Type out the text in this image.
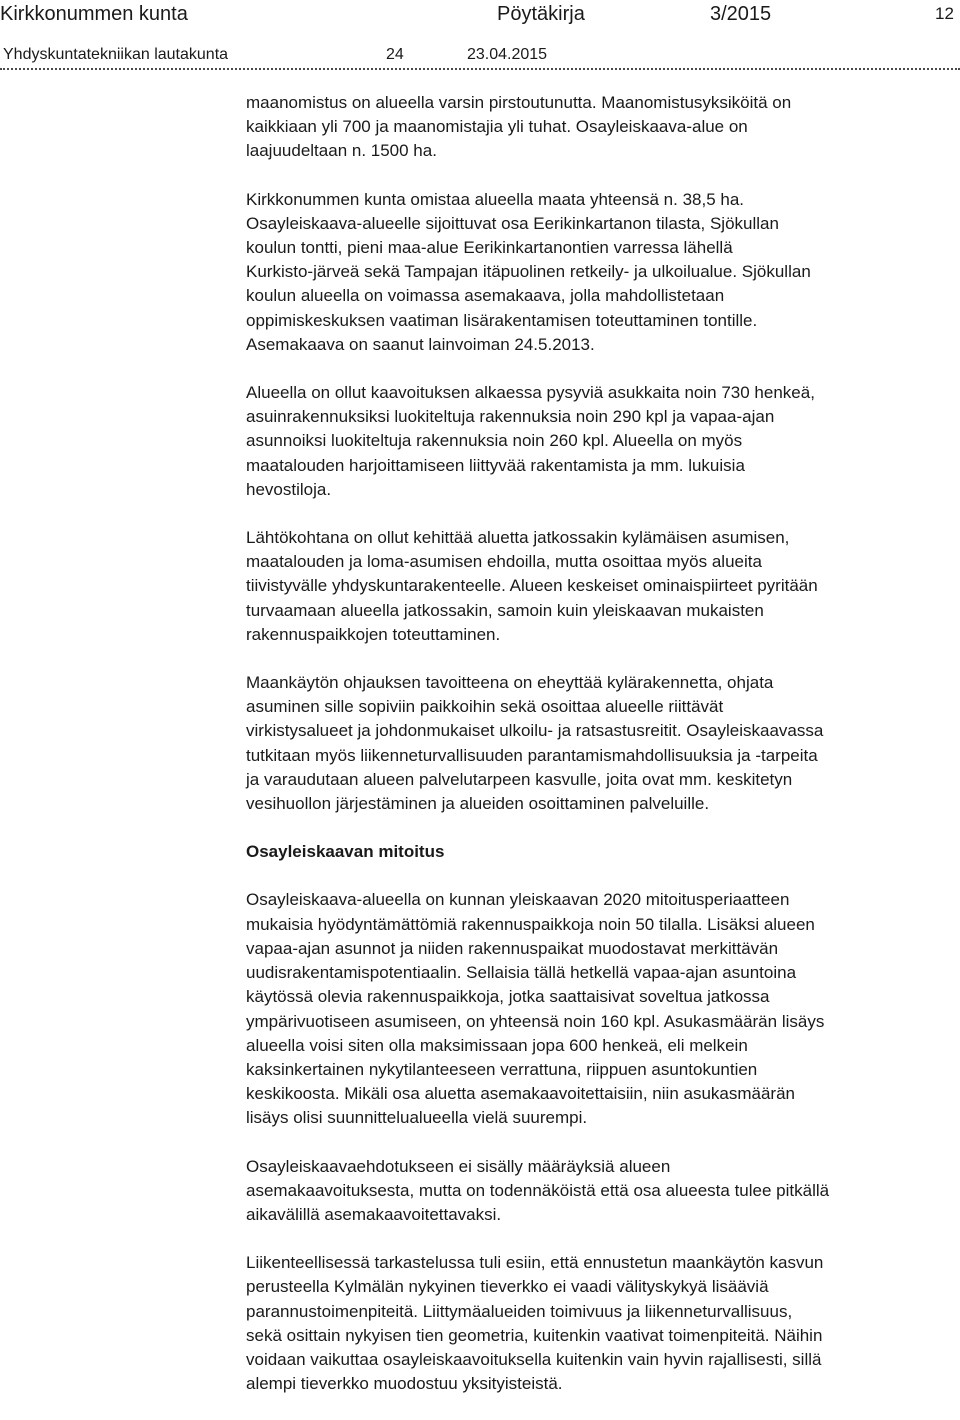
Kirkkonummen kunta	Pöytäkirja	3/2015	12
Yhdyskuntatekniikan lautakunta	24	23.04.2015

maanomistus on alueella varsin pirstoutunutta. Maanomistusyksiköitä on
kaikkiaan yli 700 ja maanomistajia yli tuhat. Osayleiskaava-alue on
laajuudeltaan n. 1500 ha.

Kirkkonummen kunta omistaa alueella maata yhteensä n. 38,5 ha.
Osayleiskaava-alueelle sijoittuvat osa Eerikinkartanon tilasta, Sjökullan
koulun tontti, pieni maa-alue Eerikinkartanontien varressa lähellä
Kurkisto-järveä sekä Tampajan itäpuolinen retkeily- ja ulkoilualue. Sjökullan
koulun alueella on voimassa asemakaava, jolla mahdollistetaan
oppimiskeskuksen vaatiman lisärakentamisen toteuttaminen tontille.
Asemakaava on saanut lainvoiman 24.5.2013.

Alueella on ollut kaavoituksen alkaessa pysyviä asukkaita noin 730 henkeä,
asuinrakennuksiksi luokiteltuja rakennuksia noin 290 kpl ja vapaa-ajan
asunnoiksi luokiteltuja rakennuksia noin 260 kpl. Alueella on myös
maatalouden harjoittamiseen liittyvää rakentamista ja mm. lukuisia
hevostiloja.

Lähtökohtana on ollut kehittää aluetta jatkossakin kylämäisen asumisen,
maatalouden ja loma-asumisen ehdoilla, mutta osoittaa myös alueita
tiivistyvälle yhdyskuntarakenteelle. Alueen keskeiset ominaispiirteet pyritään
turvaamaan alueella jatkossakin, samoin kuin yleiskaavan mukaisten
rakennuspaikkojen toteuttaminen.

Maankäytön ohjauksen tavoitteena on eheyttää kylärakennetta, ohjata
asuminen sille sopiviin paikkoihin sekä osoittaa alueelle riittävät
virkistysalueet ja johdonmukaiset ulkoilu- ja ratsastusreitit. Osayleiskaavassa
tutkitaan myös liikenneturvallisuuden parantamismahdollisuuksia ja -tarpeita
ja varaudutaan alueen palvelutarpeen kasvulle, joita ovat mm. keskitetyn
vesihuollon järjestäminen ja alueiden osoittaminen palveluille.

Osayleiskaavan mitoitus

Osayleiskaava-alueella on kunnan yleiskaavan 2020 mitoitusperiaatteen
mukaisia hyödyntämättömiä rakennuspaikkoja noin 50 tilalla. Lisäksi alueen
vapaa-ajan asunnot ja niiden rakennuspaikat muodostavat merkittävän
uudisrakentamispotentiaalin. Sellaisia tällä hetkellä vapaa-ajan asuntoina
käytössä olevia rakennuspaikkoja, jotka saattaisivat soveltua jatkossa
ympärivuotiseen asumiseen, on yhteensä noin 160 kpl. Asukasmäärän lisäys
alueella voisi siten olla maksimissaan jopa 600 henkeä, eli melkein
kaksinkertainen nykytilanteeseen verrattuna, riippuen asuntokuntien
keskikoosta. Mikäli osa aluetta asemakaavoitettaisiin, niin asukasmäärän
lisäys olisi suunnittelualueella vielä suurempi.

Osayleiskaavaehdotukseen ei sisälly määräyksiä alueen
asemakaavoituksesta, mutta on todennäköistä että osa alueesta tulee pitkällä
aikavälillä asemakaavoitettavaksi.

Liikenteellisessä tarkastelussa tuli esiin, että ennustetun maankäytön kasvun
perusteella Kylmälän nykyinen tieverkko ei vaadi välityskykyä lisääviä
parannustoimenpiteitä. Liittymäalueiden toimivuus ja liikenneturvallisuus,
sekä osittain nykyisen tien geometria, kuitenkin vaativat toimenpiteitä. Näihin
voidaan vaikuttaa osayleiskaavoituksella kuitenkin vain hyvin rajallisesti, sillä
alempi tieverkko muodostuu yksityisteistä.
